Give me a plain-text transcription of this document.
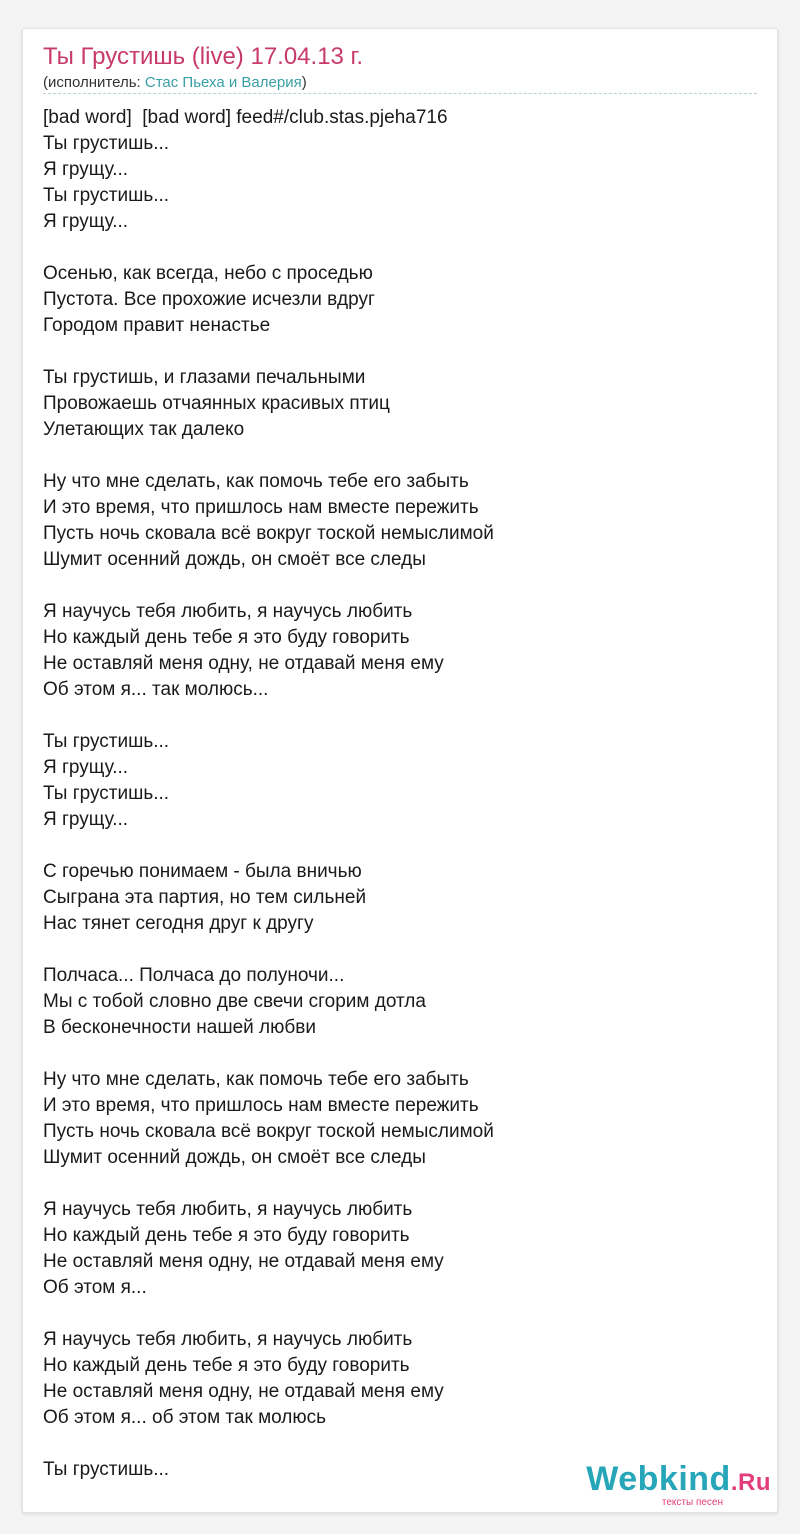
Ты Грустишь (live) 17.04.13 г.
(исполнитель: Стас Пьеха и Валерия)
[bad word]  [bad word] feed#/club.stas.pjeha716
Ты грустишь...
Я грущу...
Ты грустишь...
Я грущу...
Осенью, как всегда, небо с проседью
Пустота. Все прохожие исчезли вдруг
Городом правит ненастье
Ты грустишь, и глазами печальными
Провожаешь отчаянных красивых птиц
Улетающих так далеко
Ну что мне сделать, как помочь тебе его забыть
И это время, что пришлось нам вместе пережить
Пусть ночь сковала всё вокруг тоской немыслимой
Шумит осенний дождь, он смоёт все следы
Я научусь тебя любить, я научусь любить
Но каждый день тебе я это буду говорить
Не оставляй меня одну, не отдавай меня ему
Об этом я... так молюсь...
Ты грустишь...
Я грущу...
Ты грустишь...
Я грущу...
С горечью понимаем - была вничью
Сыграна эта партия, но тем сильней
Нас тянет сегодня друг к другу
Полчаса... Полчаса до полуночи...
Мы с тобой словно две свечи сгорим дотла
В бесконечности нашей любви
Ну что мне сделать, как помочь тебе его забыть
И это время, что пришлось нам вместе пережить
Пусть ночь сковала всё вокруг тоской немыслимой
Шумит осенний дождь, он смоёт все следы
Я научусь тебя любить, я научусь любить
Но каждый день тебе я это буду говорить
Не оставляй меня одну, не отдавай меня ему
Об этом я...
Я научусь тебя любить, я научусь любить
Но каждый день тебе я это буду говорить
Не оставляй меня одну, не отдавай меня ему
Об этом я... об этом так молюсь
Ты грустишь...	Webkind.Ru
тексты песен
